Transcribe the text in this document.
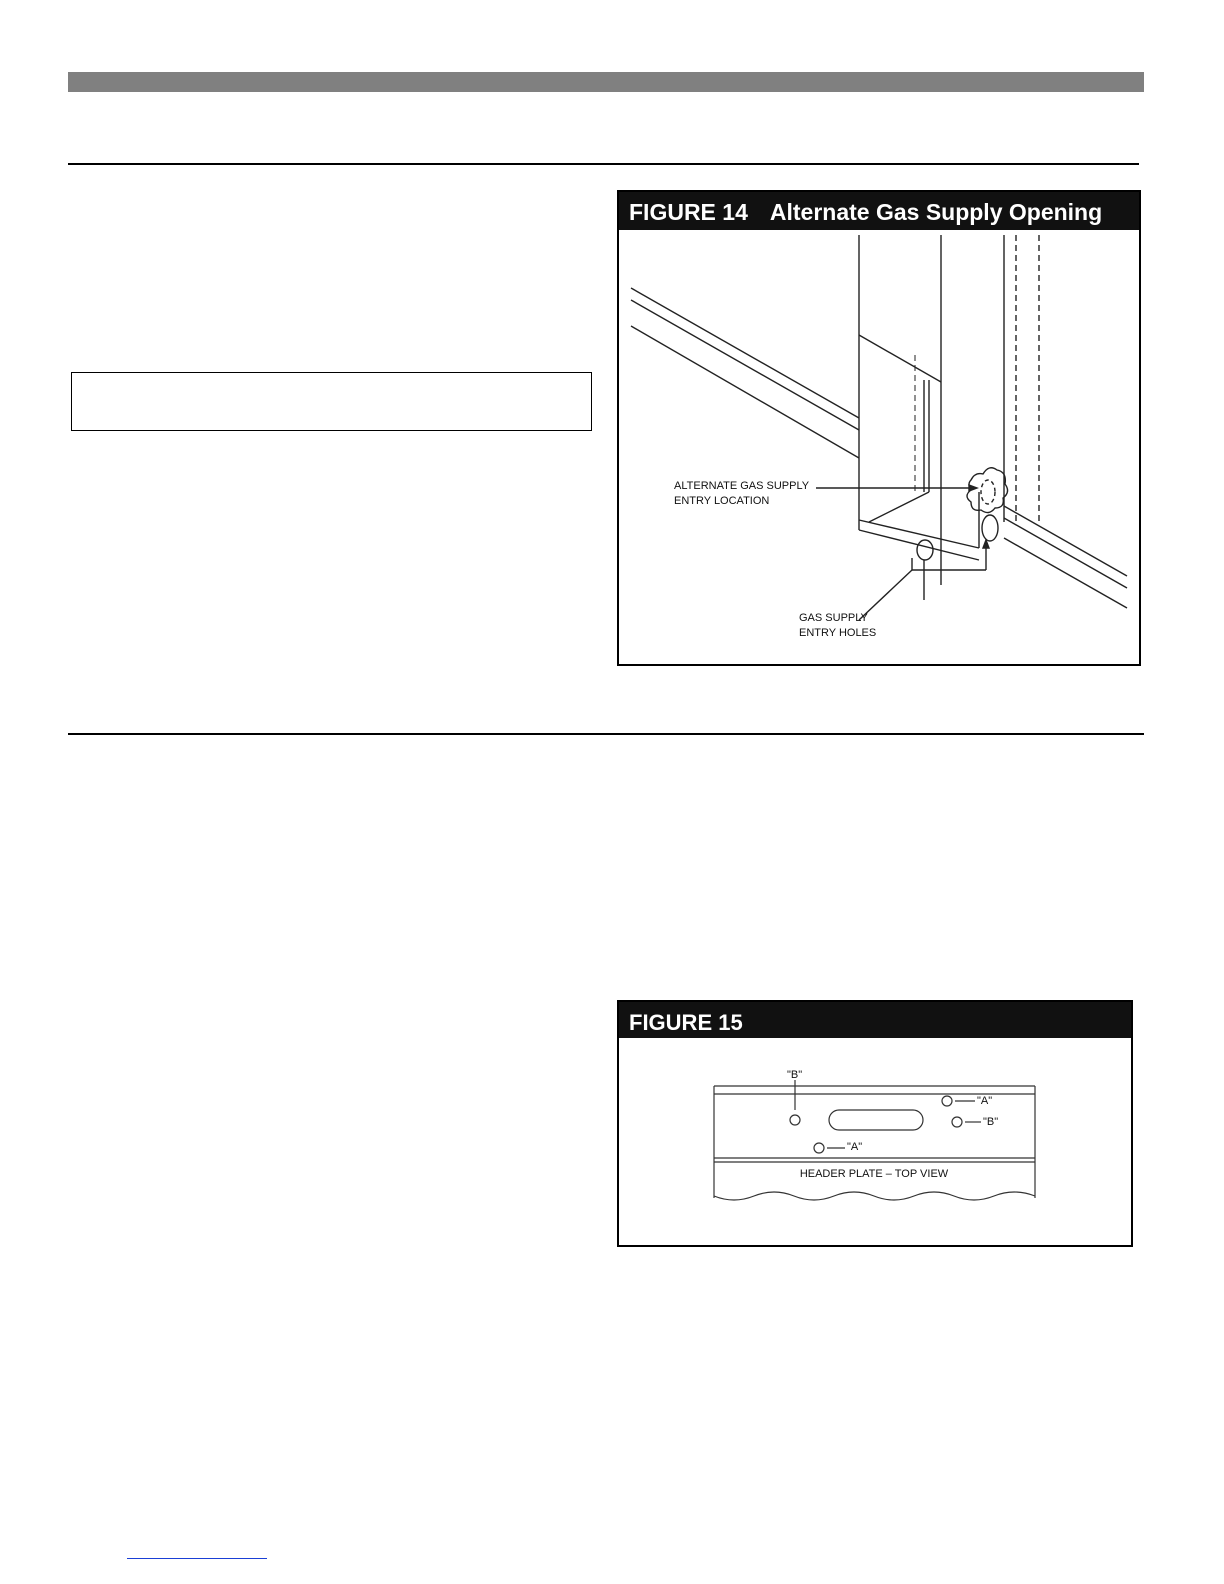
FIGURE 14 Alternate Gas Supply Opening
ALTERNATE GAS SUPPLY
ENTRY LOCATION
GAS SUPPLY
ENTRY HOLES
FIGURE 15
"B"
"A"
"B"
"A"
HEADER PLATE – TOP VIEW
